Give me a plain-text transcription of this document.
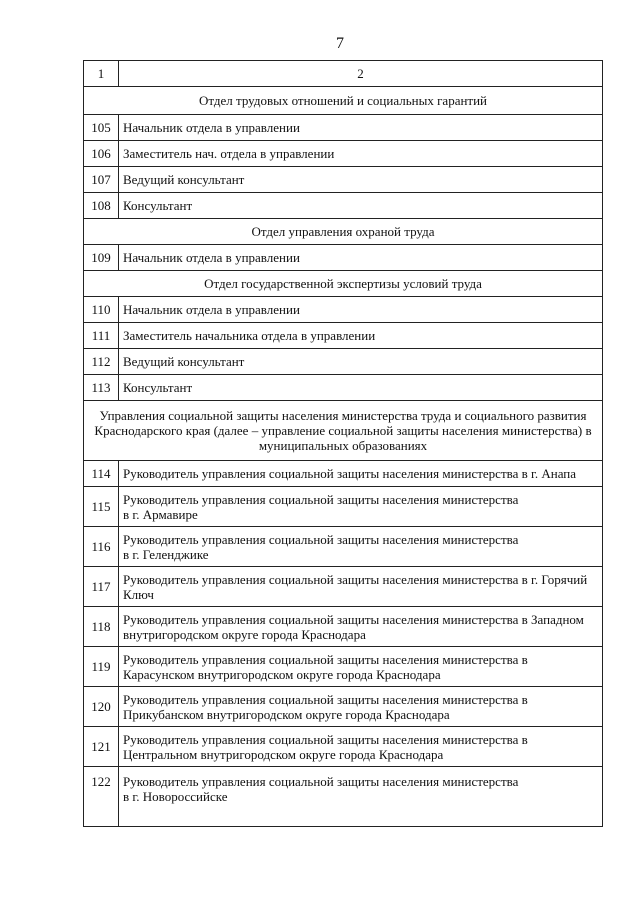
7
1	2
Отдел трудовых отношений и социальных гарантий	
105	Начальник отдела в управлении
106	Заместитель нач. отдела в управлении
107	Ведущий консультант
108	Консультант
Отдел управления охраной труда	
109	Начальник отдела в управлении
Отдел государственной экспертизы условий труда	
110	Начальник отдела в управлении
111	Заместитель начальника отдела в управлении
112	Ведущий консультант
113	Консультант
Управления социальной защиты населения министерства труда и социального развития Краснодарского края (далее – управление социальной защиты населения министерства) в муниципальных образованиях	
114	Руководитель управления социальной защиты населения министерства в г. Анапа
115	Руководитель управления социальной защиты населения министерства
в г. Армавире
116	Руководитель управления социальной защиты населения министерства
в г. Геленджике
117	Руководитель управления социальной защиты населения министерства в г. Горячий
Ключ
118	Руководитель управления социальной защиты населения министерства в Западном
внутригородском округе города Краснодара
119	Руководитель управления социальной защиты населения министерства в
Карасунском внутригородском округе города Краснодара
120	Руководитель управления социальной защиты населения министерства в
Прикубанском внутригородском округе города Краснодара
121	Руководитель управления социальной защиты населения министерства в
Центральном внутригородском округе города Краснодара
122	Руководитель управления социальной защиты населения министерства
в г. Новороссийске
